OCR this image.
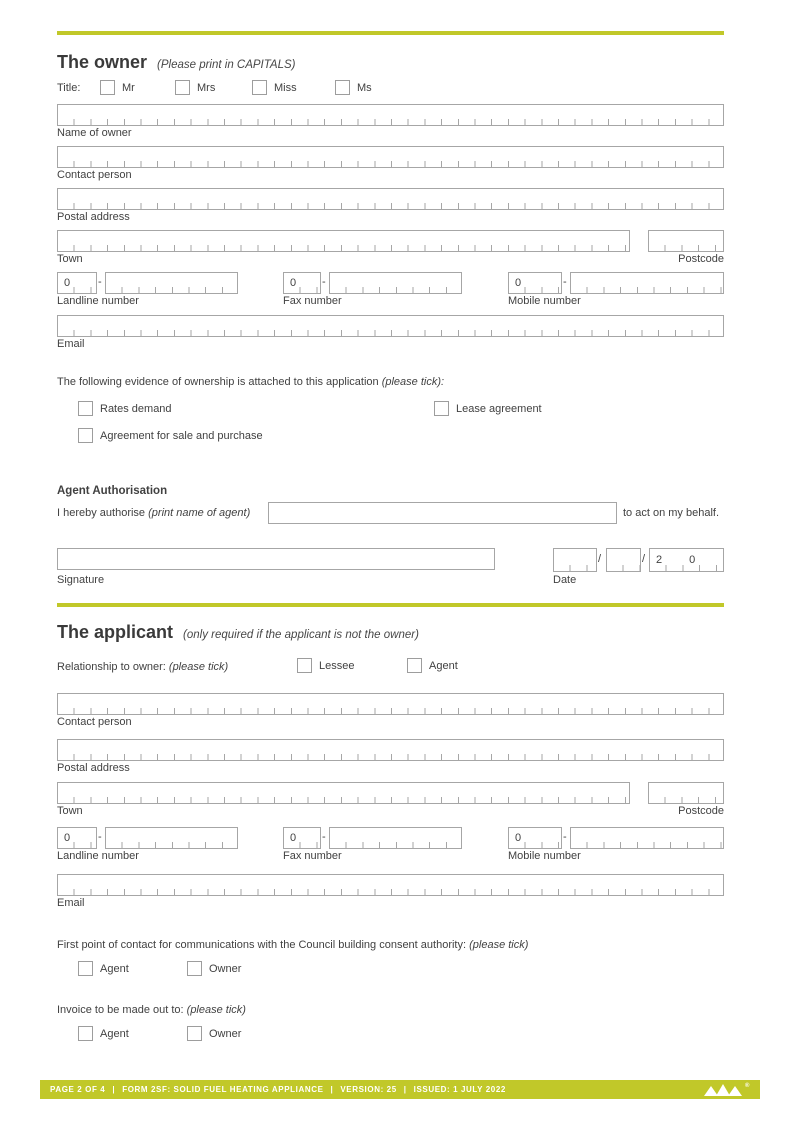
The owner (Please print in CAPITALS)
Title:	Mr	Mrs	Miss	Ms
Name of owner
Contact person
Postal address
Town	Postcode
0	-
Landline number
0	-
Fax number
0	-
Mobile number
Email
The following evidence of ownership is attached to this application (please tick):
Rates demand	Lease agreement
Agreement for sale and purchase
Agent Authorisation
I hereby authorise (print name of agent)	to act on my behalf.
Signature
/	/ 2 0
Date
The applicant (only required if the applicant is not the owner)
Relationship to owner: (please tick)	Lessee	Agent
Contact person
Postal address
Town	Postcode
0	-
Landline number
0	-
Fax number
0	-
Mobile number
Email
First point of contact for communications with the Council building consent authority: (please tick)
Agent	Owner
Invoice to be made out to: (please tick)
Agent	Owner
PAGE 2 OF 4 | FORM 2SF: SOLID FUEL HEATING APPLIANCE | VERSION: 25 | ISSUED: 1 JULY 2022	®
